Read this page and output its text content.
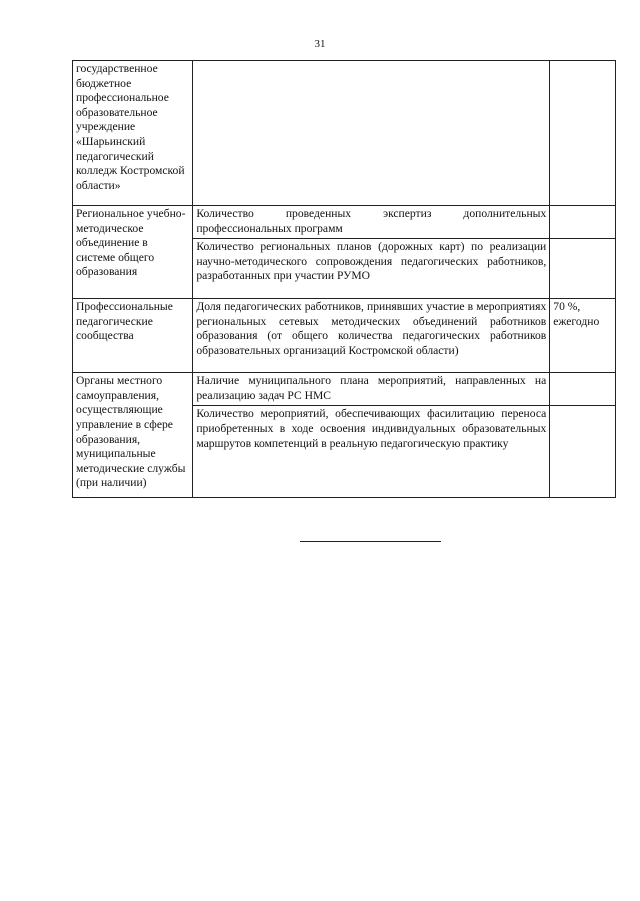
31
государственное бюджетное профессиональное образовательное учреждение «Шарьинский педагогический колледж Костромской области»		
Региональное учебно-методическое объединение в системе общего образования	Количество проведенных экспертиз дополнительных профессиональных программ	
	Количество региональных планов (дорожных карт) по реализации научно-методического сопровождения педагогических работников, разработанных при участии РУМО	
Профессиональные педагогические сообщества	Доля педагогических работников, принявших участие в мероприятиях региональных сетевых методических объединений работников образования (от общего количества педагогических работников образовательных организаций Костромской области)	70 %, ежегодно
Органы местного самоуправления, осуществляющие управление в сфере образования, муниципальные методические службы (при наличии)	Наличие муниципального плана мероприятий, направленных на реализацию задач РС НМС	
	Количество мероприятий, обеспечивающих фасилитацию переноса приобретенных в ходе освоения индивидуальных образовательных маршрутов компетенций в реальную педагогическую практику	
